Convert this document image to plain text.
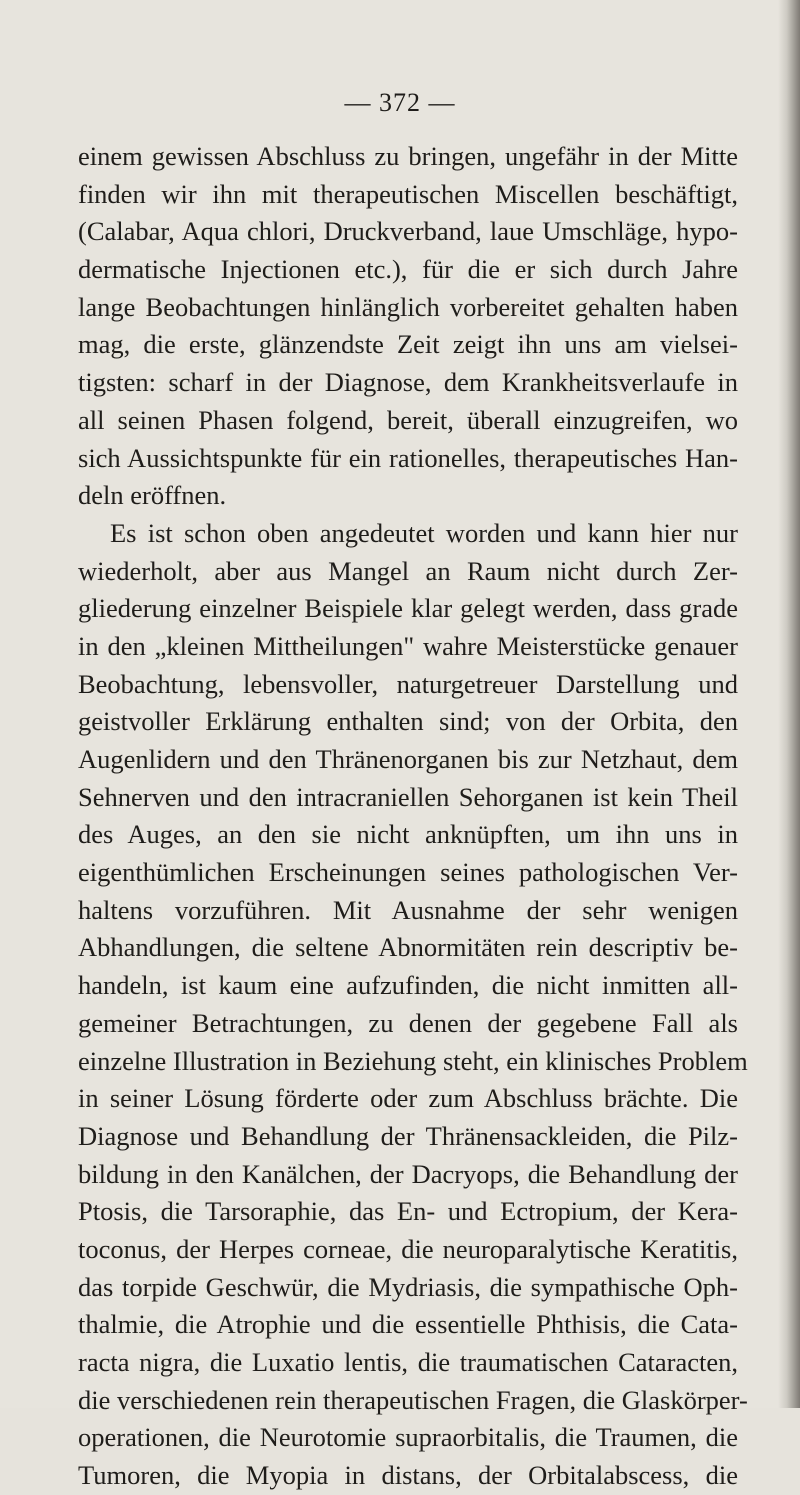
— 372 —
einem gewissen Abschluss zu bringen, ungefähr in der Mitte
finden wir ihn mit therapeutischen Miscellen beschäftigt,
(Calabar, Aqua chlori, Druckverband, laue Umschläge, hypo-
dermatische Injectionen etc.), für die er sich durch Jahre
lange Beobachtungen hinlänglich vorbereitet gehalten haben
mag, die erste, glänzendste Zeit zeigt ihn uns am vielsei-
tigsten: scharf in der Diagnose, dem Krankheitsverlaufe in
all seinen Phasen folgend, bereit, überall einzugreifen, wo
sich Aussichtspunkte für ein rationelles, therapeutisches Han-
deln eröffnen.
Es ist schon oben angedeutet worden und kann hier nur
wiederholt, aber aus Mangel an Raum nicht durch Zer-
gliederung einzelner Beispiele klar gelegt werden, dass grade
in den „kleinen Mittheilungen" wahre Meisterstücke genauer
Beobachtung, lebensvoller, naturgetreuer Darstellung und
geistvoller Erklärung enthalten sind; von der Orbita, den
Augenlidern und den Thränenorganen bis zur Netzhaut, dem
Sehnerven und den intracraniellen Sehorganen ist kein Theil
des Auges, an den sie nicht anknüpften, um ihn uns in
eigenthümlichen Erscheinungen seines pathologischen Ver-
haltens vorzuführen. Mit Ausnahme der sehr wenigen
Abhandlungen, die seltene Abnormitäten rein descriptiv be-
handeln, ist kaum eine aufzufinden, die nicht inmitten all-
gemeiner Betrachtungen, zu denen der gegebene Fall als
einzelne Illustration in Beziehung steht, ein klinisches Problem
in seiner Lösung förderte oder zum Abschluss brächte. Die
Diagnose und Behandlung der Thränensackleiden, die Pilz-
bildung in den Kanälchen, der Dacryops, die Behandlung der
Ptosis, die Tarsoraphie, das En- und Ectropium, der Kera-
toconus, der Herpes corneae, die neuroparalytische Keratitis,
das torpide Geschwür, die Mydriasis, die sympathische Oph-
thalmie, die Atrophie und die essentielle Phthisis, die Cata-
racta nigra, die Luxatio lentis, die traumatischen Cataracten,
die verschiedenen rein therapeutischen Fragen, die Glaskörper-
operationen, die Neurotomie supraorbitalis, die Traumen, die
Tumoren, die Myopia in distans, der Orbitalabscess, die
